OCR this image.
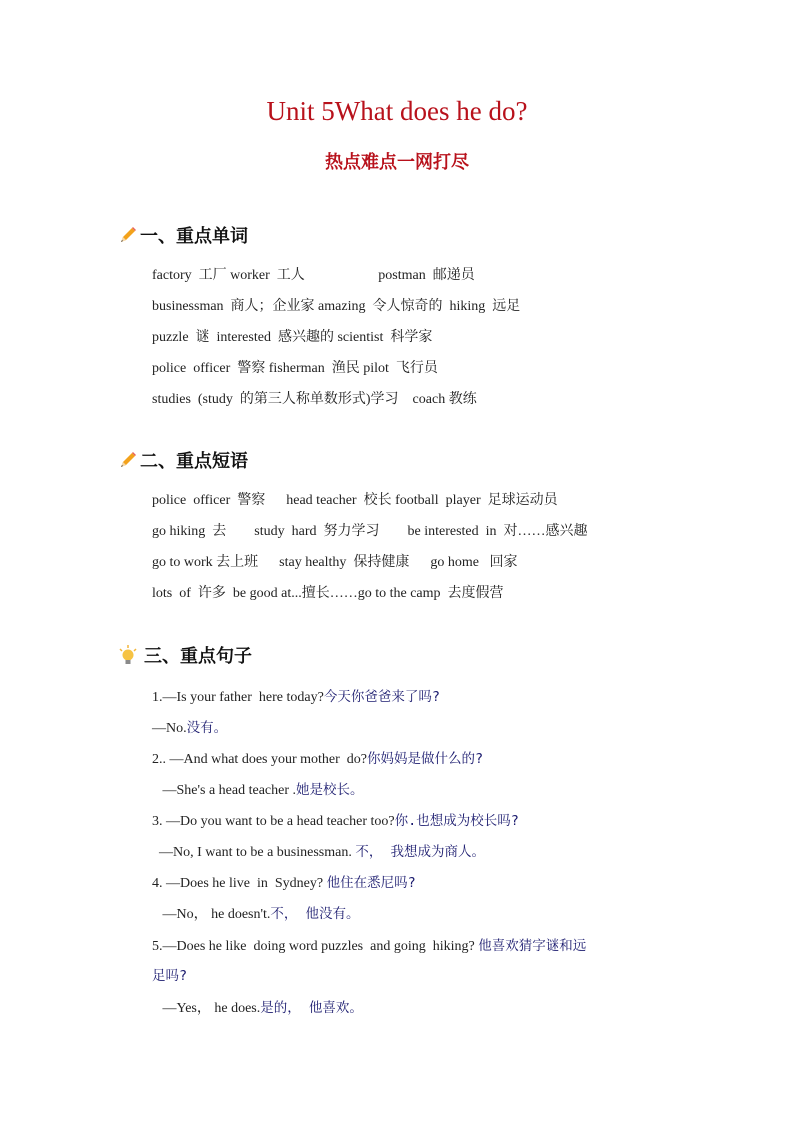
Unit 5What does he do?
热点难点一网打尽
一、重点单词
factory  工厂 worker  工人                     postman  邮递员
businessman  商人；企业家 amazing  令人惊奇的  hiking  远足
puzzle  谜  interested  感兴趣的 scientist  科学家
police  officer  警察 fisherman  渔民 pilot  飞行员
studies  (study  的第三人称单数形式)学习    coach 教练
二、重点短语
police  officer  警察      head teacher  校长 football  player  足球运动员
go hiking  去        study  hard  努力学习        be interested  in  对……感兴趣
go to work 去上班      stay healthy  保持健康      go home   回家
lots  of  许多  be good at...擅长……go to the camp  去度假营
三、重点句子
1.—Is your father  here today?今天你爸爸来了吗?
—No.没有。
2.. —And what does your mother  do?你妈妈是做什么的?
—She's a head teacher .她是校长。
3. —Do you want to be a head teacher too?你.也想成为校长吗?
—No, I want to be a businessman. 不， 我想成为商人。
4. —Does he live  in  Sydney? 他住在悉尼吗?
—No， he doesn't.不， 他没有。
5.—Does he like  doing word puzzles  and going  hiking? 他喜欢猜字谜和远
足吗?
—Yes， he does.是的， 他喜欢。
